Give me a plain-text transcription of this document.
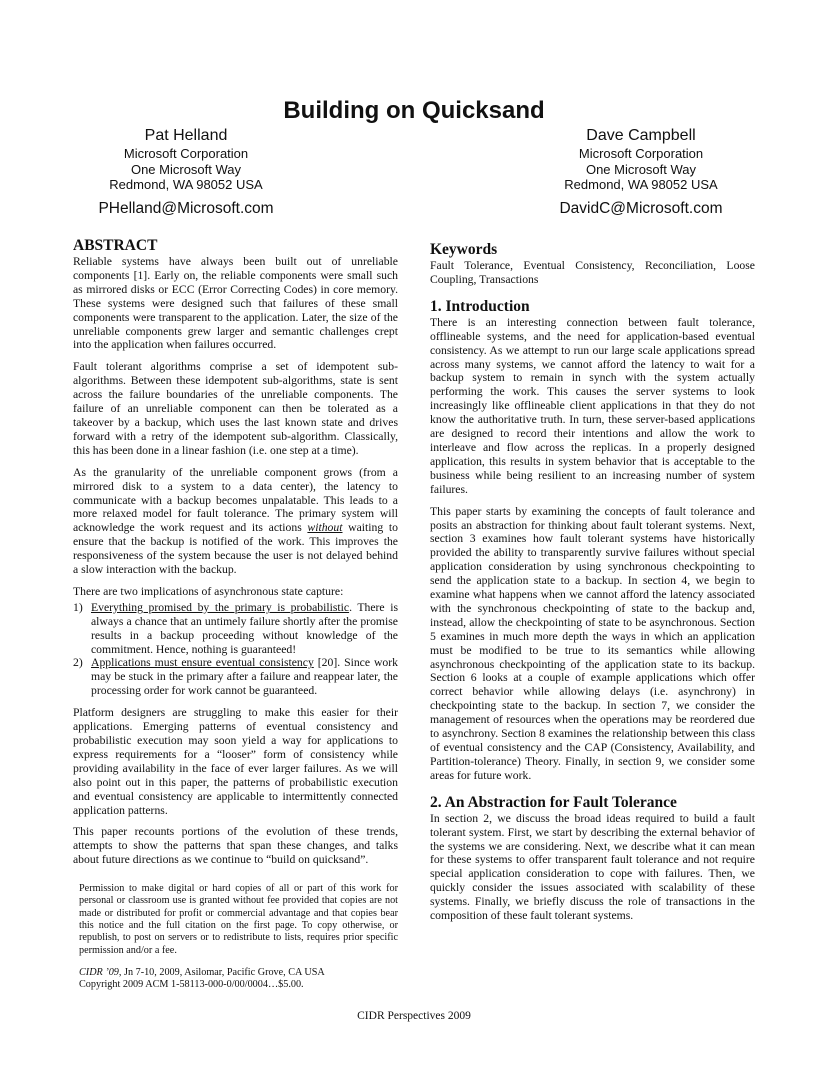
Building on Quicksand
Pat Helland
Microsoft Corporation
One Microsoft Way
Redmond, WA 98052 USA
PHelland@Microsoft.com
Dave Campbell
Microsoft Corporation
One Microsoft Way
Redmond, WA 98052 USA
DavidC@Microsoft.com
ABSTRACT

Reliable systems have always been built out of unreliable components [1]. Early on, the reliable components were small such as mirrored disks or ECC (Error Correcting Codes) in core memory. These systems were designed such that failures of these small components were transparent to the application. Later, the size of the unreliable components grew larger and semantic challenges crept into the application when failures occurred.

Fault tolerant algorithms comprise a set of idempotent sub-algorithms. Between these idempotent sub-algorithms, state is sent across the failure boundaries of the unreliable components. The failure of an unreliable component can then be tolerated as a takeover by a backup, which uses the last known state and drives forward with a retry of the idempotent sub-algorithm. Classically, this has been done in a linear fashion (i.e. one step at a time).

As the granularity of the unreliable component grows (from a mirrored disk to a system to a data center), the latency to communicate with a backup becomes unpalatable. This leads to a more relaxed model for fault tolerance. The primary system will acknowledge the work request and its actions without waiting to ensure that the backup is notified of the work. This improves the responsiveness of the system because the user is not delayed behind a slow interaction with the backup.

There are two implications of asynchronous state capture:

1) Everything promised by the primary is probabilistic. There is always a chance that an untimely failure shortly after the promise results in a backup proceeding without knowledge of the commitment. Hence, nothing is guaranteed!
2) Applications must ensure eventual consistency [20]. Since work may be stuck in the primary after a failure and reappear later, the processing order for work cannot be guaranteed.

Platform designers are struggling to make this easier for their applications. Emerging patterns of eventual consistency and probabilistic execution may soon yield a way for applications to express requirements for a “looser” form of consistency while providing availability in the face of ever larger failures. As we will also point out in this paper, the patterns of probabilistic execution and eventual consistency are applicable to intermittently connected application patterns.

This paper recounts portions of the evolution of these trends, attempts to show the patterns that span these changes, and talks about future directions as we continue to “build on quicksand”.

Permission to make digital or hard copies of all or part of this work for personal or classroom use is granted without fee provided that copies are not made or distributed for profit or commercial advantage and that copies bear this notice and the full citation on the first page. To copy otherwise, or republish, to post on servers or to redistribute to lists, requires prior specific permission and/or a fee.
CIDR ’09, Jn 7-10, 2009, Asilomar, Pacific Grove, CA USA
Copyright 2009 ACM 1-58113-000-0/00/0004…$5.00.
Keywords

Fault Tolerance, Eventual Consistency, Reconciliation, Loose Coupling, Transactions

1. Introduction

There is an interesting connection between fault tolerance, offlineable systems, and the need for application-based eventual consistency. As we attempt to run our large scale applications spread across many systems, we cannot afford the latency to wait for a backup system to remain in synch with the system actually performing the work. This causes the server systems to look increasingly like offlineable client applications in that they do not know the authoritative truth. In turn, these server-based applications are designed to record their intentions and allow the work to interleave and flow across the replicas. In a properly designed application, this results in system behavior that is acceptable to the business while being resilient to an increasing number of system failures.

This paper starts by examining the concepts of fault tolerance and posits an abstraction for thinking about fault tolerant systems. Next, section 3 examines how fault tolerant systems have historically provided the ability to transparently survive failures without special application consideration by using synchronous checkpointing to send the application state to a backup. In section 4, we begin to examine what happens when we cannot afford the latency associated with the synchronous checkpointing of state to the backup and, instead, allow the checkpointing of state to be asynchronous. Section 5 examines in much more depth the ways in which an application must be modified to be true to its semantics while allowing asynchronous checkpointing of the application state to its backup. Section 6 looks at a couple of example applications which offer correct behavior while allowing delays (i.e. asynchrony) in checkpointing state to the backup. In section 7, we consider the management of resources when the operations may be reordered due to asynchrony. Section 8 examines the relationship between this class of eventual consistency and the CAP (Consistency, Availability, and Partition-tolerance) Theory. Finally, in section 9, we consider some areas for future work.

2. An Abstraction for Fault Tolerance

In section 2, we discuss the broad ideas required to build a fault tolerant system. First, we start by describing the external behavior of the systems we are considering. Next, we describe what it can mean for these systems to offer transparent fault tolerance and not require special application consideration to cope with failures. Then, we quickly consider the issues associated with scalability of these systems. Finally, we briefly discuss the role of transactions in the composition of these fault tolerant systems.

CIDR Perspectives 2009
